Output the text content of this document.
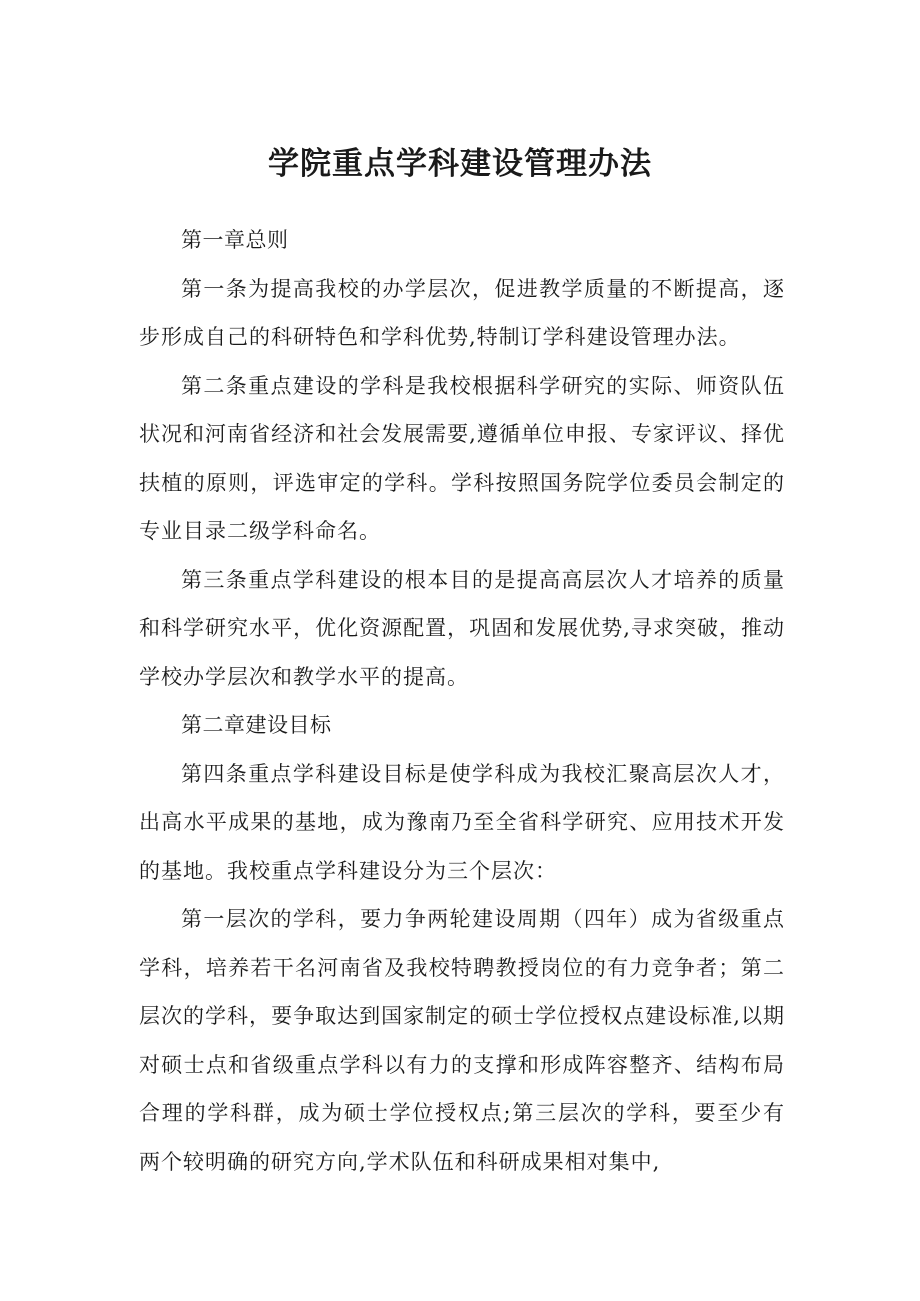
学院重点学科建设管理办法

第一章总则

第一条为提高我校的办学层次，促进教学质量的不断提高，逐步形成自己的科研特色和学科优势,特制订学科建设管理办法。

第二条重点建设的学科是我校根据科学研究的实际、师资队伍状况和河南省经济和社会发展需要,遵循单位申报、专家评议、择优扶植的原则，评选审定的学科。学科按照国务院学位委员会制定的专业目录二级学科命名。

第三条重点学科建设的根本目的是提高高层次人才培养的质量和科学研究水平，优化资源配置，巩固和发展优势,寻求突破，推动学校办学层次和教学水平的提高。

第二章建设目标

第四条重点学科建设目标是使学科成为我校汇聚高层次人才，出高水平成果的基地，成为豫南乃至全省科学研究、应用技术开发的基地。我校重点学科建设分为三个层次：

第一层次的学科，要力争两轮建设周期（四年）成为省级重点学科，培养若干名河南省及我校特聘教授岗位的有力竞争者；第二层次的学科，要争取达到国家制定的硕士学位授权点建设标准,以期对硕士点和省级重点学科以有力的支撑和形成阵容整齐、结构布局合理的学科群，成为硕士学位授权点;第三层次的学科，要至少有两个较明确的研究方向,学术队伍和科研成果相对集中,
